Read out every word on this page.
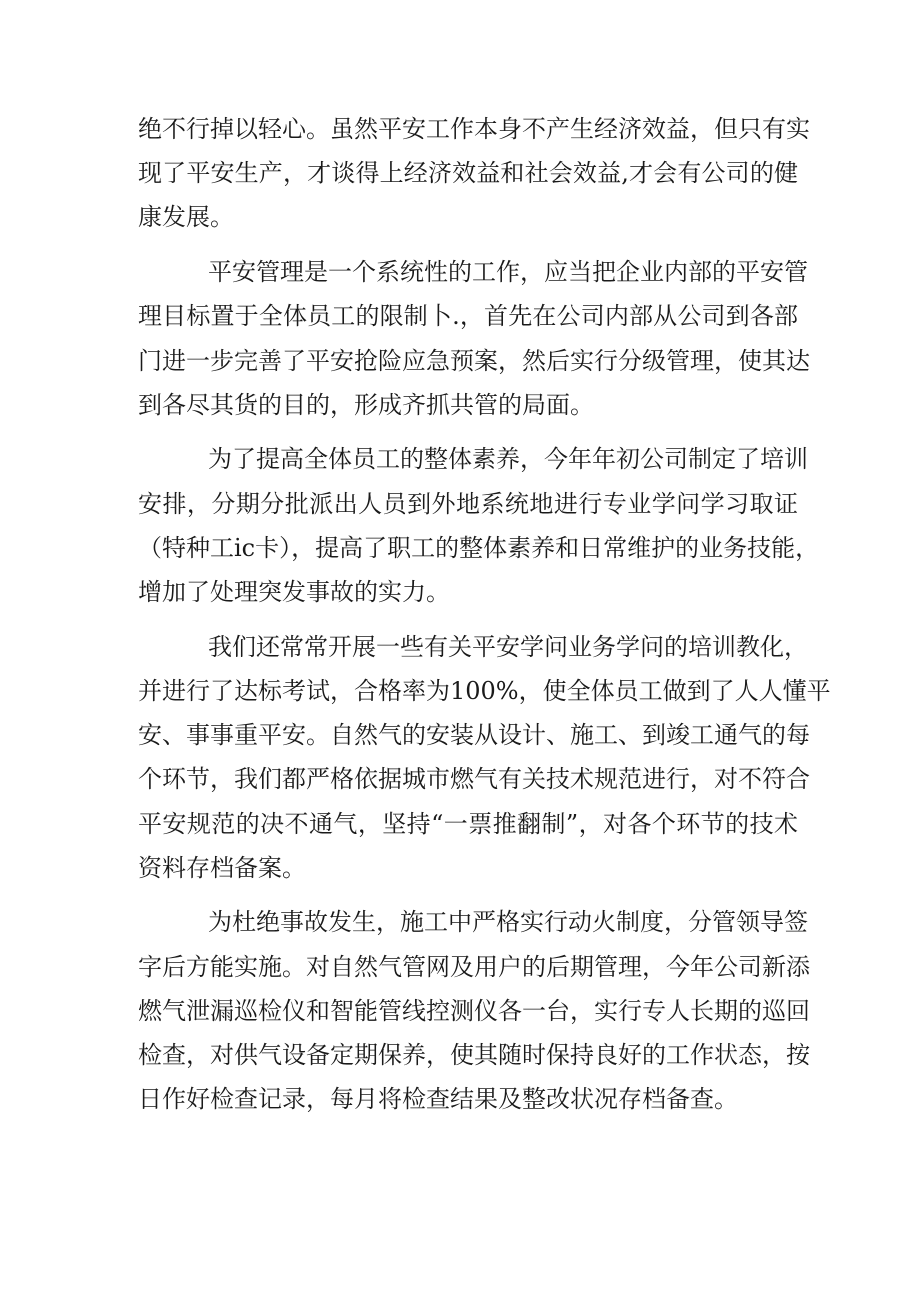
绝不行掉以轻心。虽然平安工作本身不产生经济效益，但只有实
现了平安生产，才谈得上经济效益和社会效益,才会有公司的健
康发展。

平安管理是一个系统性的工作，应当把企业内部的平安管
理目标置于全体员工的限制卜.，首先在公司内部从公司到各部
门进一步完善了平安抢险应急预案，然后实行分级管理，使其达
到各尽其货的目的，形成齐抓共管的局面。

为了提高全体员工的整体素养，今年年初公司制定了培训
安排，分期分批派出人员到外地系统地进行专业学问学习取证
（特种工ic卡），提高了职工的整体素养和日常维护的业务技能，
增加了处理突发事故的实力。

我们还常常开展一些有关平安学问业务学问的培训教化，
并进行了达标考试，合格率为100%，使全体员工做到了人人懂平
安、事事重平安。自然气的安装从设计、施工、到竣工通气的每
个环节，我们都严格依据城市燃气有关技术规范进行，对不符合
平安规范的决不通气，坚持“一票推翻制”，对各个环节的技术
资料存档备案。

为杜绝事故发生，施工中严格实行动火制度，分管领导签
字后方能实施。对自然气管网及用户的后期管理，今年公司新添
燃气泄漏巡检仪和智能管线控测仪各一台，实行专人长期的巡回
检查，对供气设备定期保养，使其随时保持良好的工作状态，按
日作好检查记录，每月将检查结果及整改状况存档备查。
